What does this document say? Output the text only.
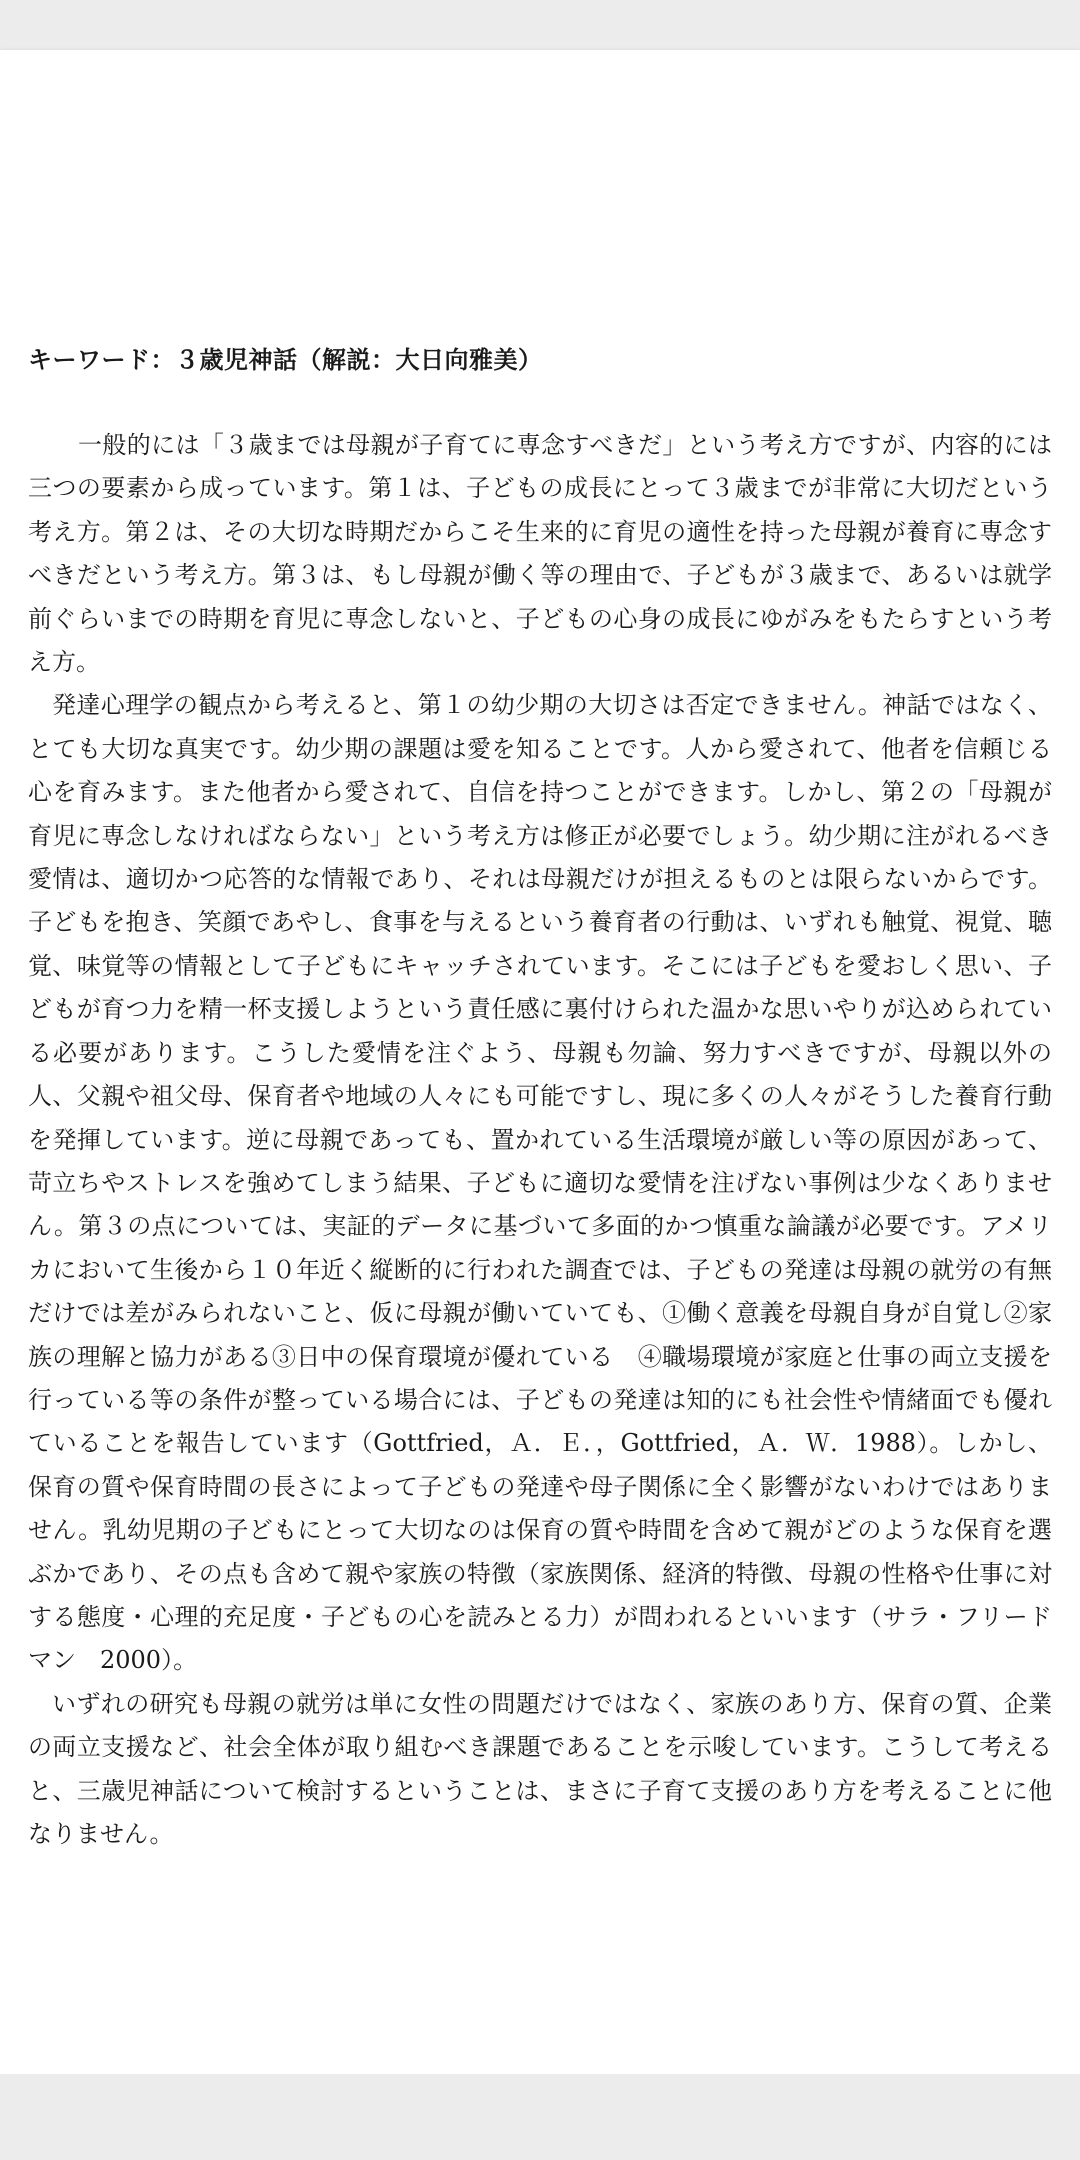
キーワード：３歳児神話（解説：大日向雅美）

一般的には「３歳までは母親が子育てに専念すべきだ」という考え方ですが、内容的には三つの要素から成っています。第１は、子どもの成長にとって３歳までが非常に大切だという考え方。第２は、その大切な時期だからこそ生来的に育児の適性を持った母親が養育に専念すべきだという考え方。第３は、もし母親が働く等の理由で、子どもが３歳まで、あるいは就学前ぐらいまでの時期を育児に専念しないと、子どもの心身の成長にゆがみをもたらすという考え方。

発達心理学の観点から考えると、第１の幼少期の大切さは否定できません。神話ではなく、とても大切な真実です。幼少期の課題は愛を知ることです。人から愛されて、他者を信頼じる心を育みます。また他者から愛されて、自信を持つことができます。しかし、第２の「母親が育児に専念しなければならない」という考え方は修正が必要でしょう。幼少期に注がれるべき愛情は、適切かつ応答的な情報であり、それは母親だけが担えるものとは限らないからです。子どもを抱き、笑顔であやし、食事を与えるという養育者の行動は、いずれも触覚、視覚、聴覚、味覚等の情報として子どもにキャッチされています。そこには子どもを愛おしく思い、子どもが育つ力を精一杯支援しようという責任感に裏付けられた温かな思いやりが込められている必要があります。こうした愛情を注ぐよう、母親も勿論、努力すべきですが、母親以外の人、父親や祖父母、保育者や地域の人々にも可能ですし、現に多くの人々がそうした養育行動を発揮しています。逆に母親であっても、置かれている生活環境が厳しい等の原因があって、苛立ちやストレスを強めてしまう結果、子どもに適切な愛情を注げない事例は少なくありません。第３の点については、実証的データに基づいて多面的かつ慎重な論議が必要です。アメリカにおいて生後から１０年近く縦断的に行われた調査では、子どもの発達は母親の就労の有無だけでは差がみられないこと、仮に母親が働いていても、①働く意義を母親自身が自覚し②家族の理解と協力がある③日中の保育環境が優れている　④職場環境が家庭と仕事の両立支援を行っている等の条件が整っている場合には、子どもの発達は知的にも社会性や情緒面でも優れていることを報告しています（Gottfried，Ａ．Ｅ．，Gottfried，Ａ．Ｗ．1988）。しかし、保育の質や保育時間の長さによって子どもの発達や母子関係に全く影響がないわけではありません。乳幼児期の子どもにとって大切なのは保育の質や時間を含めて親がどのような保育を選ぶかであり、その点も含めて親や家族の特徴（家族関係、経済的特徴、母親の性格や仕事に対する態度・心理的充足度・子どもの心を読みとる力）が問われるといいます（サラ・フリードマン　2000）。

いずれの研究も母親の就労は単に女性の問題だけではなく、家族のあり方、保育の質、企業の両立支援など、社会全体が取り組むべき課題であることを示唆しています。こうして考えると、三歳児神話について検討するということは、まさに子育て支援のあり方を考えることに他なりません。
